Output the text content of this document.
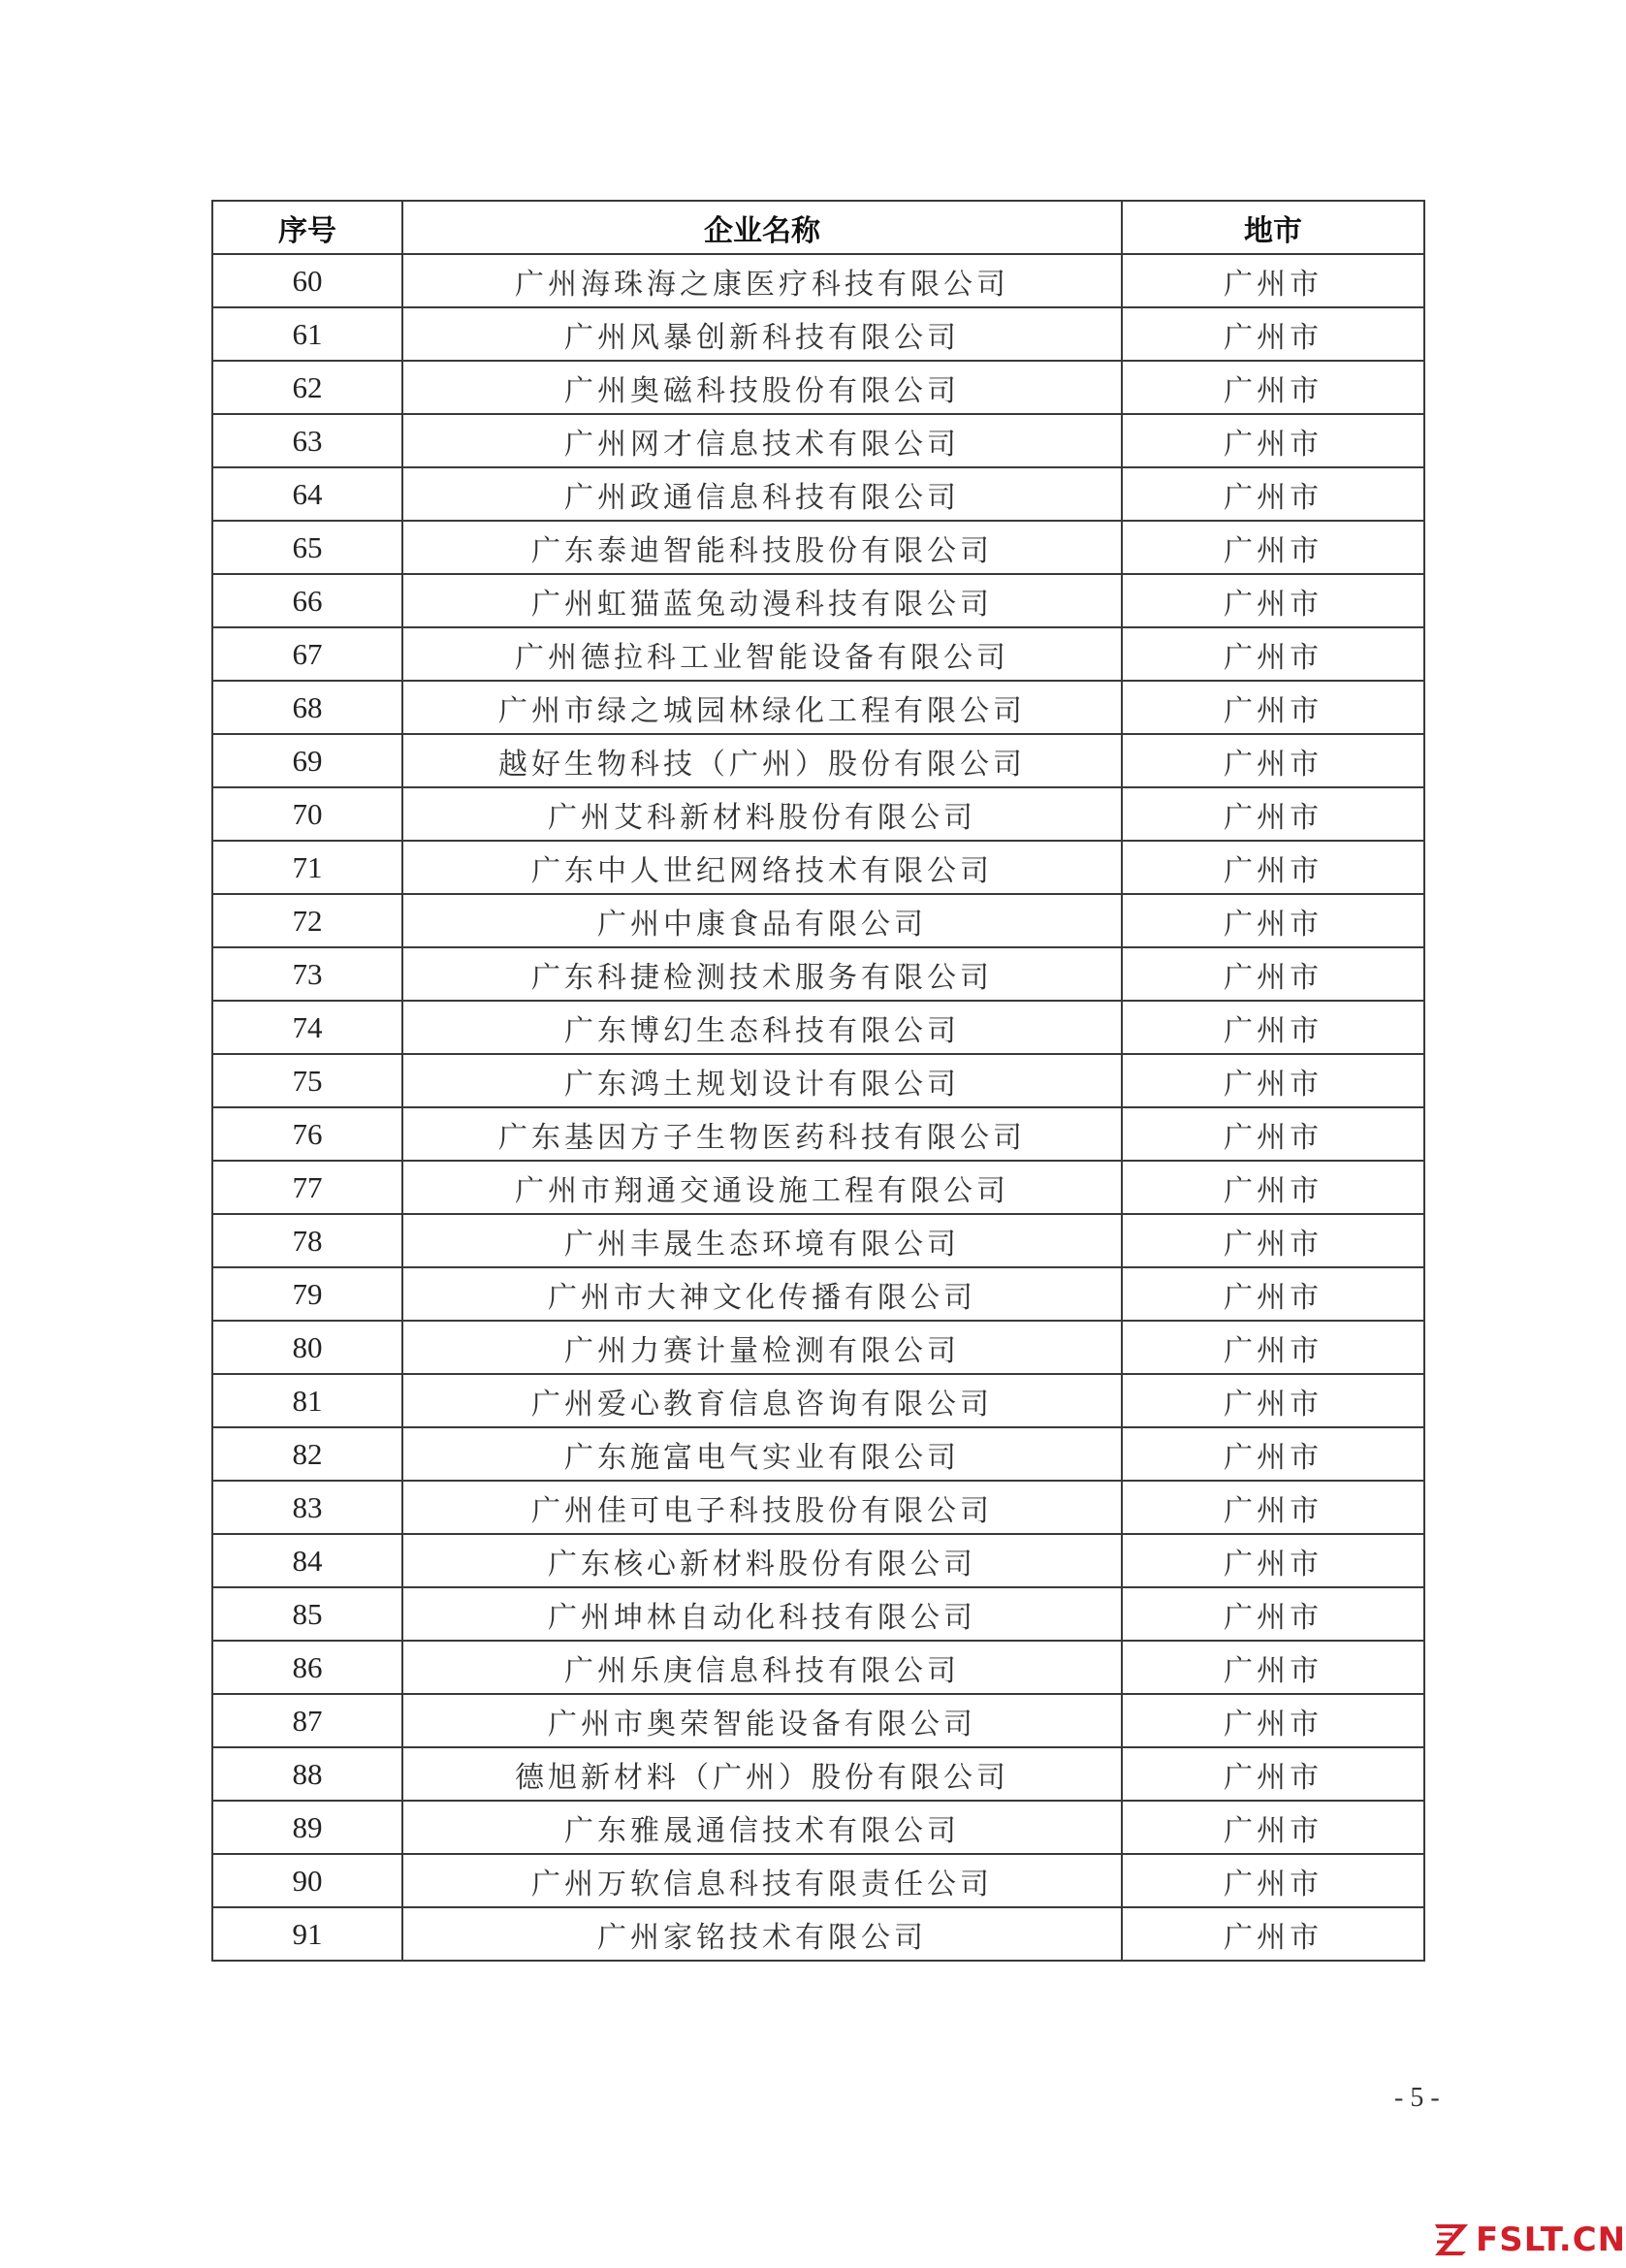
序号	企业名称	地市
60	广州海珠海之康医疗科技有限公司	广州市
61	广州风暴创新科技有限公司	广州市
62	广州奥磁科技股份有限公司	广州市
63	广州网才信息技术有限公司	广州市
64	广州政通信息科技有限公司	广州市
65	广东泰迪智能科技股份有限公司	广州市
66	广州虹猫蓝兔动漫科技有限公司	广州市
67	广州德拉科工业智能设备有限公司	广州市
68	广州市绿之城园林绿化工程有限公司	广州市
69	越好生物科技（广州）股份有限公司	广州市
70	广州艾科新材料股份有限公司	广州市
71	广东中人世纪网络技术有限公司	广州市
72	广州中康食品有限公司	广州市
73	广东科捷检测技术服务有限公司	广州市
74	广东博幻生态科技有限公司	广州市
75	广东鸿土规划设计有限公司	广州市
76	广东基因方子生物医药科技有限公司	广州市
77	广州市翔通交通设施工程有限公司	广州市
78	广州丰晟生态环境有限公司	广州市
79	广州市大神文化传播有限公司	广州市
80	广州力赛计量检测有限公司	广州市
81	广州爱心教育信息咨询有限公司	广州市
82	广东施富电气实业有限公司	广州市
83	广州佳可电子科技股份有限公司	广州市
84	广东核心新材料股份有限公司	广州市
85	广州坤林自动化科技有限公司	广州市
86	广州乐庚信息科技有限公司	广州市
87	广州市奥荣智能设备有限公司	广州市
88	德旭新材料（广州）股份有限公司	广州市
89	广东雅晟通信技术有限公司	广州市
90	广州万软信息科技有限责任公司	广州市
91	广州家铭技术有限公司	广州市
- 5 -
FSLT.CN
